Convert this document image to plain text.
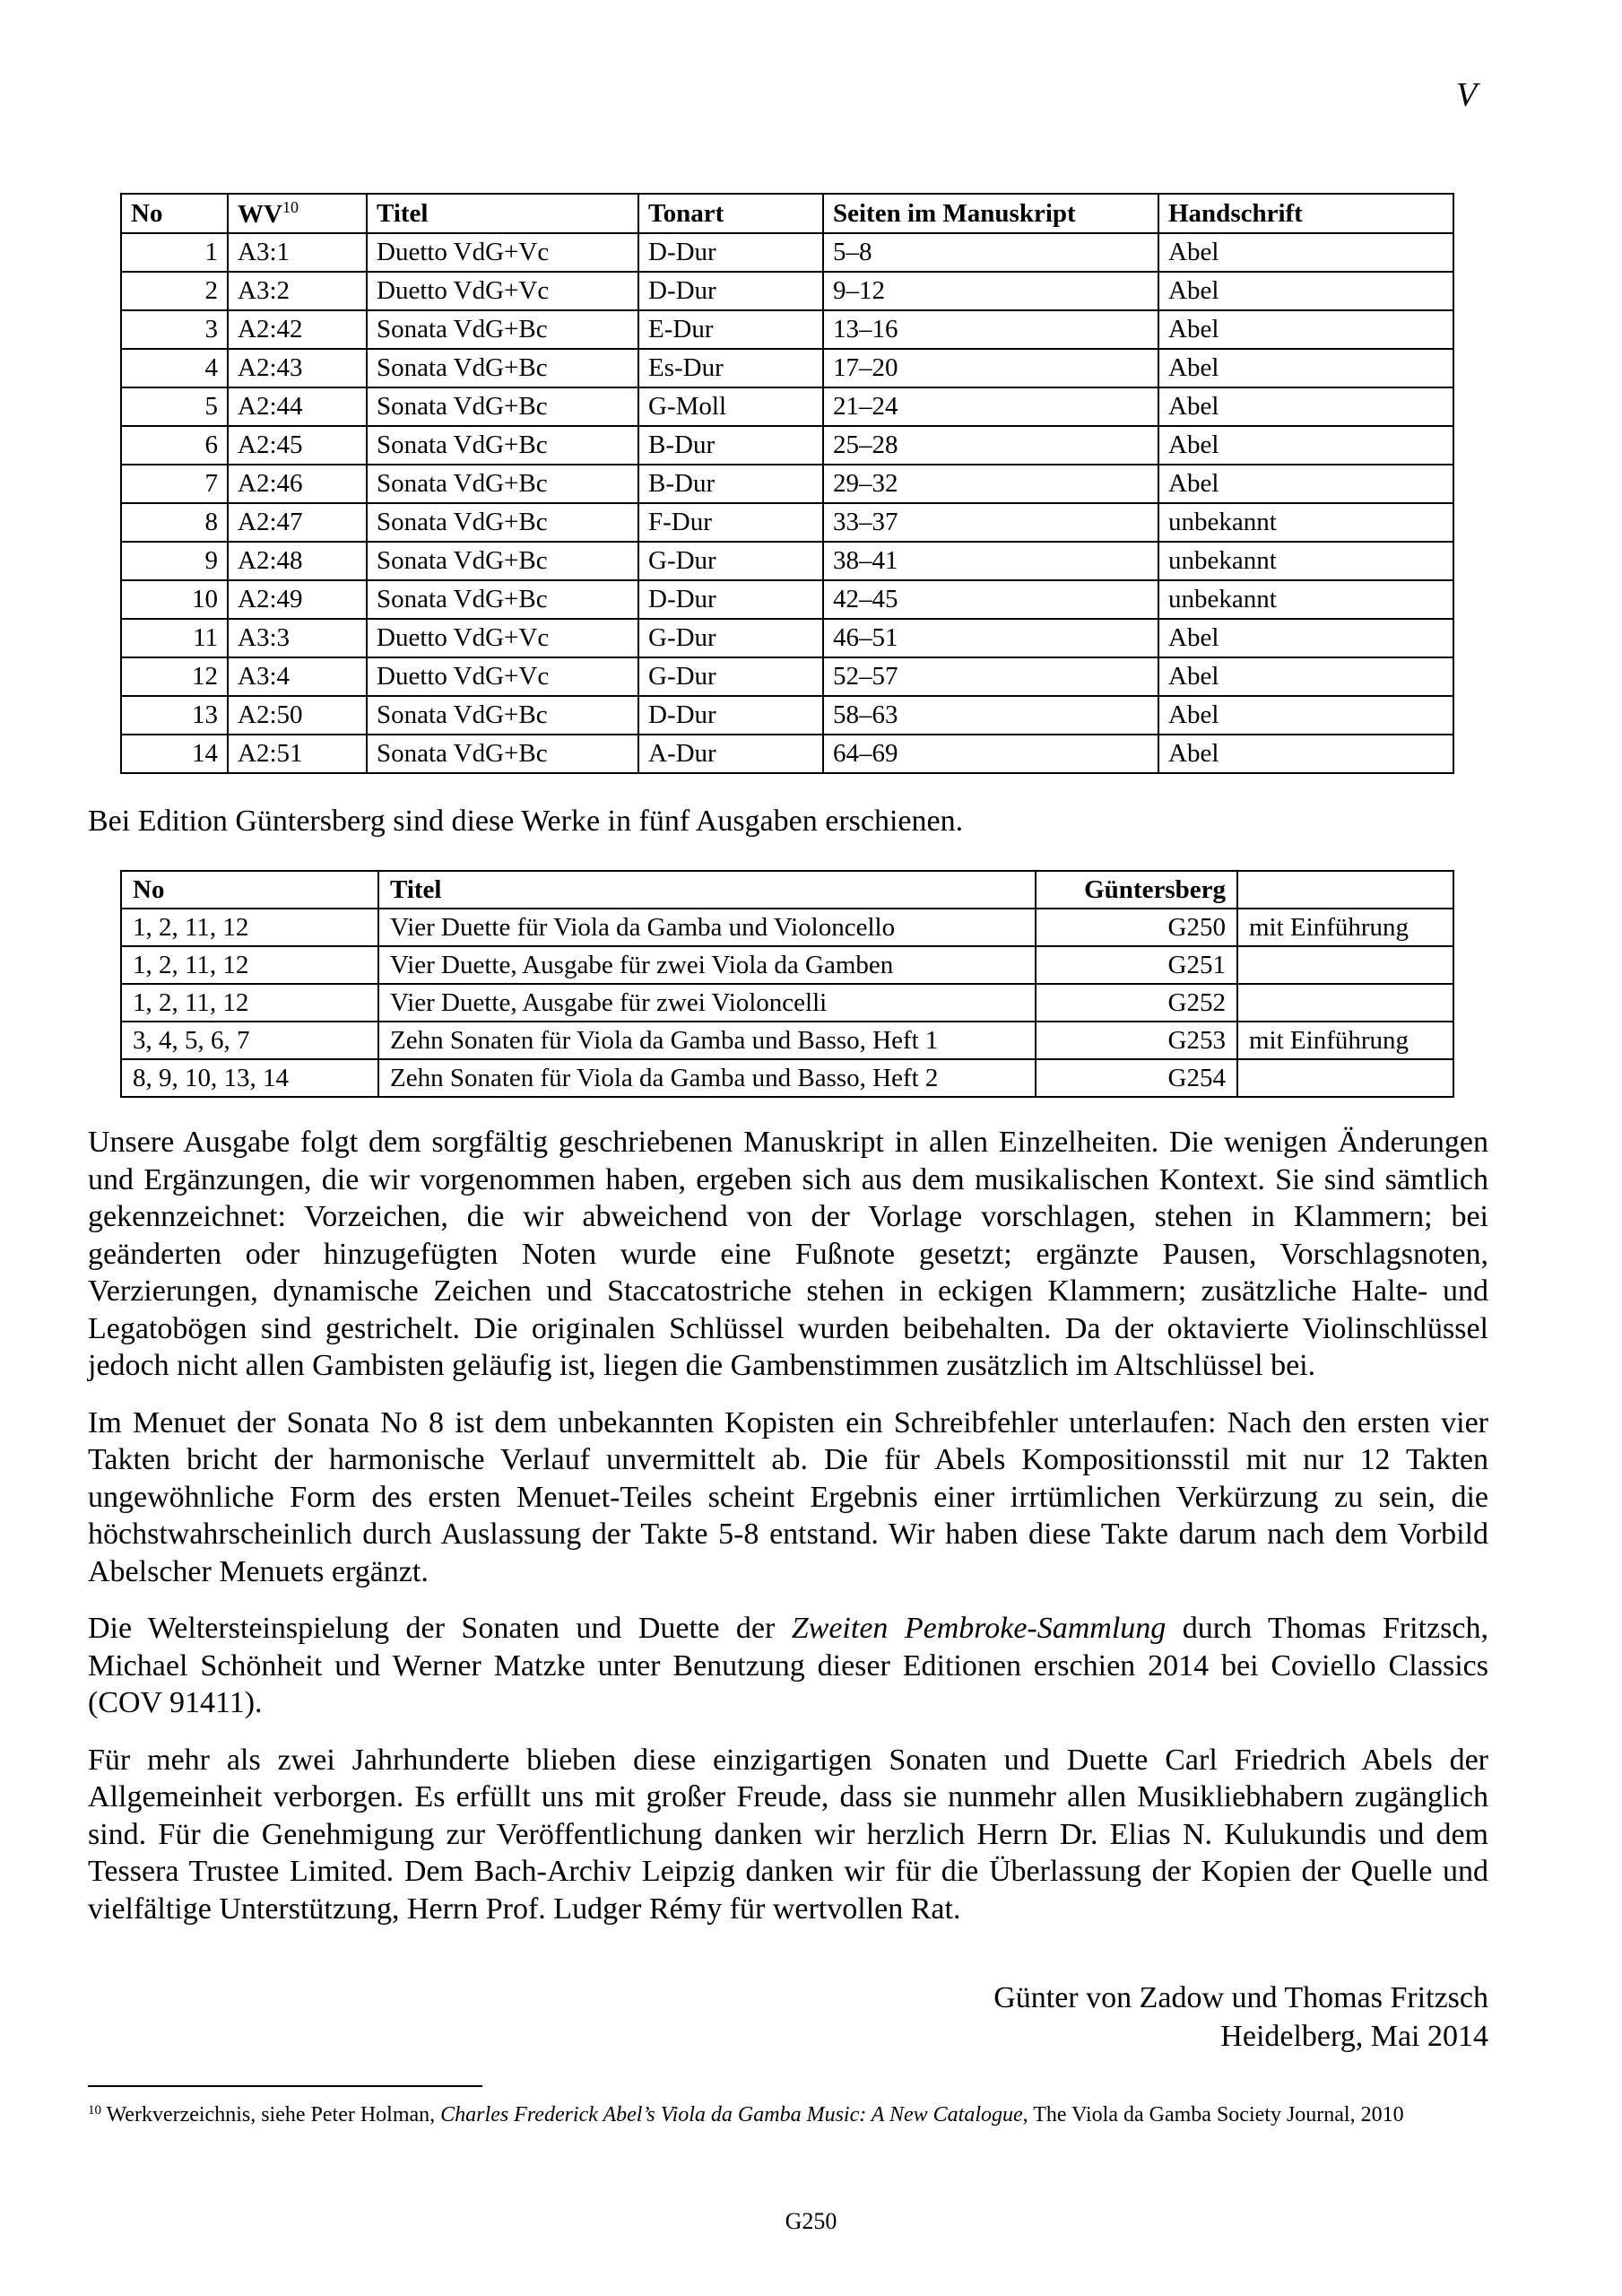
V
No	WV$^{10}$	Titel	Tonart	Seiten im Manuskript	Handschrift
1	A3:1	Duetto VdG+Vc	D-Dur	5–8	Abel
2	A3:2	Duetto VdG+Vc	D-Dur	9–12	Abel
3	A2:42	Sonata VdG+Bc	E-Dur	13–16	Abel
4	A2:43	Sonata VdG+Bc	Es-Dur	17–20	Abel
5	A2:44	Sonata VdG+Bc	G-Moll	21–24	Abel
6	A2:45	Sonata VdG+Bc	B-Dur	25–28	Abel
7	A2:46	Sonata VdG+Bc	B-Dur	29–32	Abel
8	A2:47	Sonata VdG+Bc	F-Dur	33–37	unbekannt
9	A2:48	Sonata VdG+Bc	G-Dur	38–41	unbekannt
10	A2:49	Sonata VdG+Bc	D-Dur	42–45	unbekannt
11	A3:3	Duetto VdG+Vc	G-Dur	46–51	Abel
12	A3:4	Duetto VdG+Vc	G-Dur	52–57	Abel
13	A2:50	Sonata VdG+Bc	D-Dur	58–63	Abel
14	A2:51	Sonata VdG+Bc	A-Dur	64–69	Abel

Bei Edition Güntersberg sind diese Werke in fünf Ausgaben erschienen.

No	Titel	Güntersberg	
1, 2, 11, 12	Vier Duette für Viola da Gamba und Violoncello	G250	mit Einführung
1, 2, 11, 12	Vier Duette, Ausgabe für zwei Viola da Gamben	G251	
1, 2, 11, 12	Vier Duette, Ausgabe für zwei Violoncelli	G252	
3, 4, 5, 6, 7	Zehn Sonaten für Viola da Gamba und Basso, Heft 1	G253	mit Einführung
8, 9, 10, 13, 14	Zehn Sonaten für Viola da Gamba und Basso, Heft 2	G254	

Unsere Ausgabe folgt dem sorgfältig geschriebenen Manuskript in allen Einzelheiten. Die wenigen Änderungen und Ergänzungen, die wir vorgenommen haben, ergeben sich aus dem musikalischen Kontext. Sie sind sämtlich gekennzeichnet: Vorzeichen, die wir abweichend von der Vorlage vorschlagen, stehen in Klammern; bei geänderten oder hinzugefügten Noten wurde eine Fußnote gesetzt; ergänzte Pausen, Vorschlagsnoten, Verzierungen, dynamische Zeichen und Staccatostriche stehen in eckigen Klammern; zusätzliche Halte- und Legatobögen sind gestrichelt. Die originalen Schlüssel wurden beibehalten. Da der oktavierte Violinschlüssel jedoch nicht allen Gambisten geläufig ist, liegen die Gambenstimmen zusätzlich im Altschlüssel bei.

Im Menuet der Sonata No 8 ist dem unbekannten Kopisten ein Schreibfehler unterlaufen: Nach den ersten vier Takten bricht der harmonische Verlauf unvermittelt ab. Die für Abels Kompositionsstil mit nur 12 Takten ungewöhnliche Form des ersten Menuet-Teiles scheint Ergebnis einer irrtümlichen Verkürzung zu sein, die höchstwahrscheinlich durch Auslassung der Takte 5-8 entstand. Wir haben diese Takte darum nach dem Vorbild Abelscher Menuets ergänzt.

Die Weltersteinspielung der Sonaten und Duette der Zweiten Pembroke-Sammlung durch Thomas Fritzsch, Michael Schönheit und Werner Matzke unter Benutzung dieser Editionen erschien 2014 bei Coviello Classics (COV 91411).

Für mehr als zwei Jahrhunderte blieben diese einzigartigen Sonaten und Duette Carl Friedrich Abels der Allgemeinheit verborgen. Es erfüllt uns mit großer Freude, dass sie nunmehr allen Musikliebhabern zugänglich sind. Für die Genehmigung zur Veröffentlichung danken wir herzlich Herrn Dr. Elias N. Kulukundis und dem Tessera Trustee Limited. Dem Bach-Archiv Leipzig danken wir für die Überlassung der Kopien der Quelle und vielfältige Unterstützung, Herrn Prof. Ludger Rémy für wertvollen Rat.

Günter von Zadow und Thomas Fritzsch
Heidelberg, Mai 2014
$^{10}$ Werkverzeichnis, siehe Peter Holman, Charles Frederick Abel’s Viola da Gamba Music: A New Catalogue, The Viola da Gamba Society Journal, 2010
G250
